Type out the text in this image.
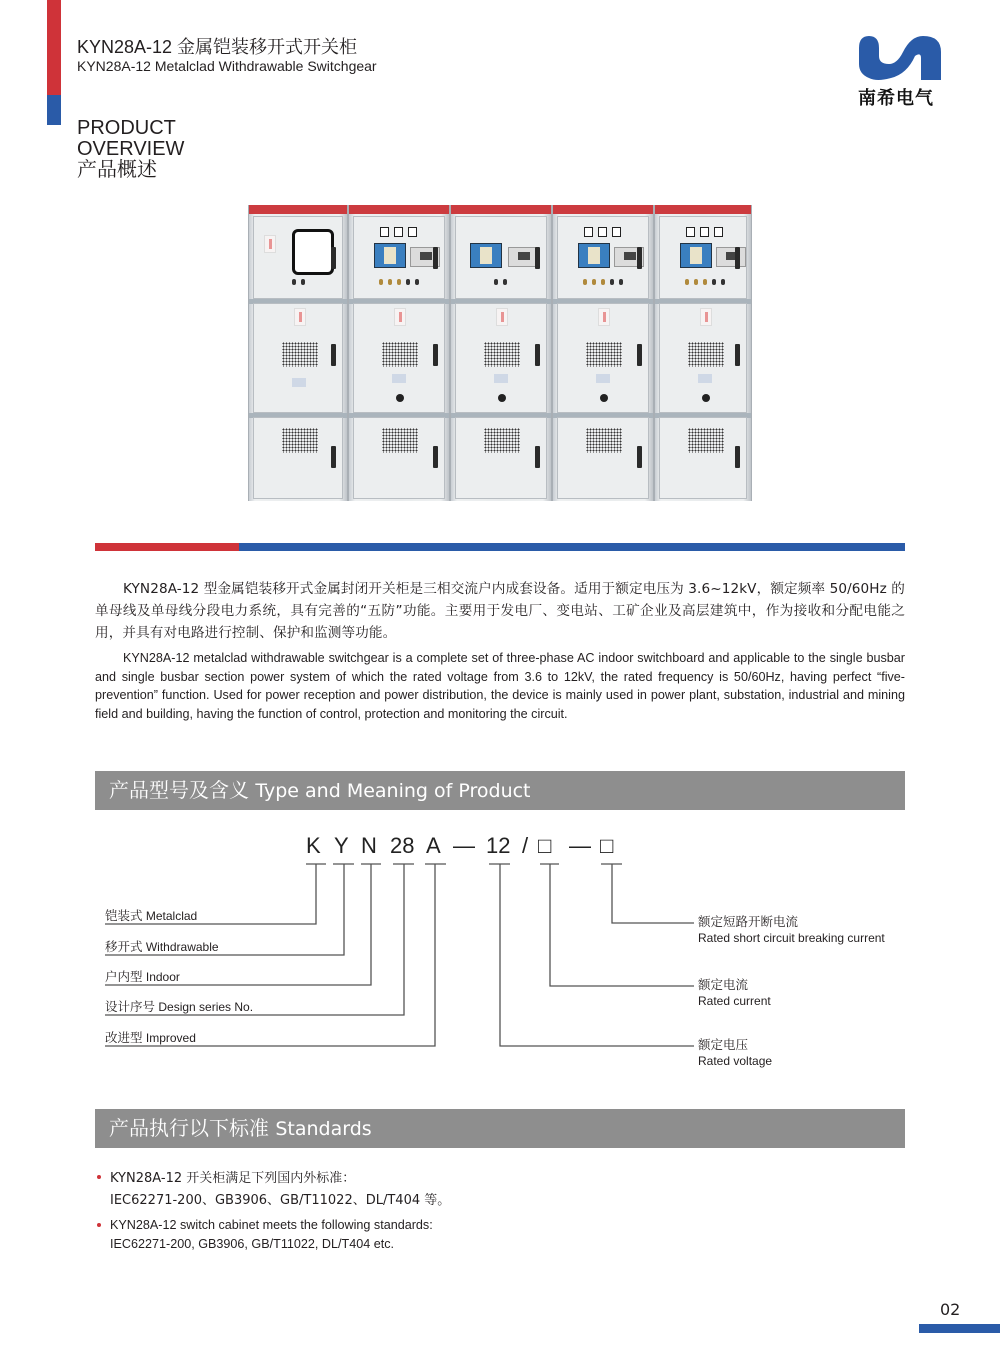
KYN28A-12 金属铠装移开式开关柜
KYN28A-12 Metalclad Withdrawable Switchgear
南希电气
PRODUCT
OVERVIEW
产品概述

KYN28A-12 型金属铠装移开式金属封闭开关柜是三相交流户内成套设备。适用于额定电压为 3.6~12kV，额定频率 50/60Hz 的单母线及单母线分段电力系统，具有完善的“五防”功能。主要用于发电厂、变电站、工矿企业及高层建筑中，作为接收和分配电能之用，并具有对电路进行控制、保护和监测等功能。

KYN28A-12 metalclad withdrawable switchgear is a complete set of three-phase AC indoor switchboard and applicable to the single busbar and single busbar section power system of which the rated voltage from 3.6 to 12kV, the rated frequency is 50/60Hz, having perfect “five-prevention” function. Used for power reception and power distribution, the device is mainly used in power plant, substation, industrial and mining field and building, having the function of control, protection and monitoring the circuit.

产品型号及含义 Type and Meaning of Product
K Y N 28 A — 12 / □ — □
铠装式 Metalclad
移开式 Withdrawable
户内型 Indoor
设计序号 Design series No.
改进型 Improved
额定短路开断电流
Rated short circuit breaking current
额定电流
Rated current
额定电压
Rated voltage
产品执行以下标准 Standards
KYN28A-12 开关柜满足下列国内外标准：
IEC62271-200、GB3906、GB/T11022、DL/T404 等。
KYN28A-12 switch cabinet meets the following standards:
IEC62271-200, GB3906, GB/T11022, DL/T404 etc.
02
